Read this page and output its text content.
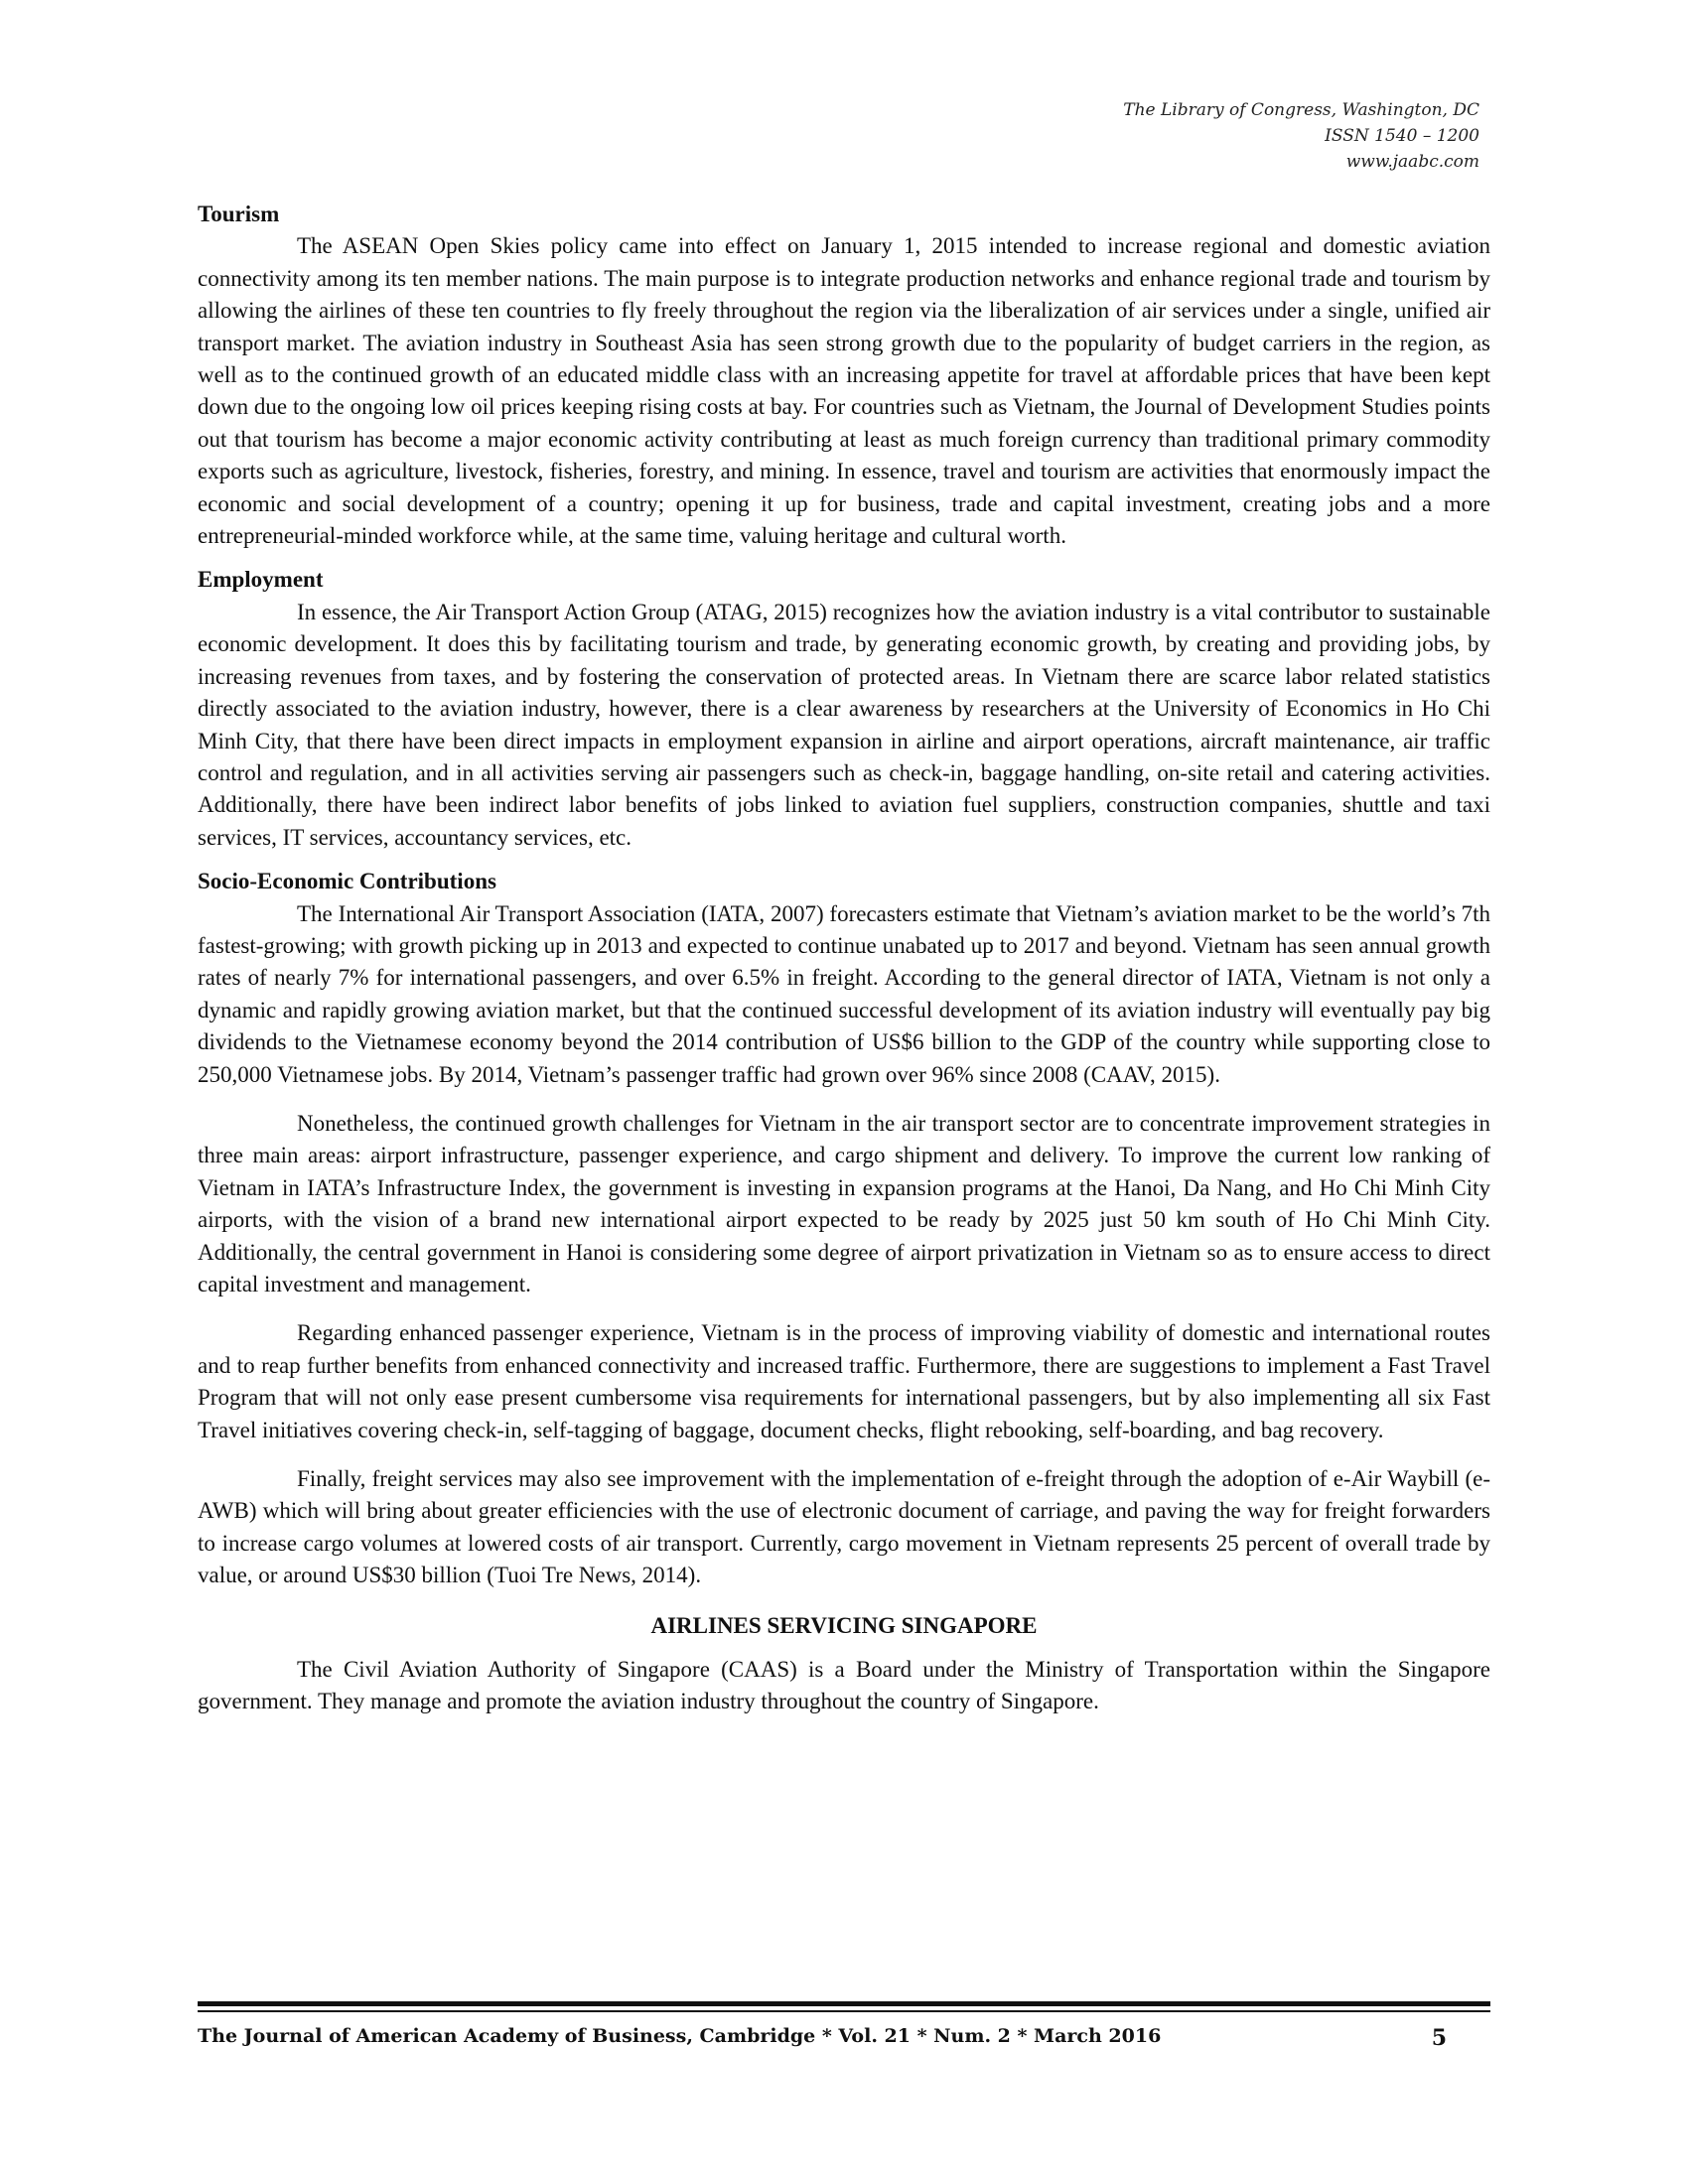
The Library of Congress, Washington, DC
ISSN 1540 – 1200
www.jaabc.com
Tourism

The ASEAN Open Skies policy came into effect on January 1, 2015 intended to increase regional and domestic aviation connectivity among its ten member nations. The main purpose is to integrate production networks and enhance regional trade and tourism by allowing the airlines of these ten countries to fly freely throughout the region via the liberalization of air services under a single, unified air transport market. The aviation industry in Southeast Asia has seen strong growth due to the popularity of budget carriers in the region, as well as to the continued growth of an educated middle class with an increasing appetite for travel at affordable prices that have been kept down due to the ongoing low oil prices keeping rising costs at bay. For countries such as Vietnam, the Journal of Development Studies points out that tourism has become a major economic activity contributing at least as much foreign currency than traditional primary commodity exports such as agriculture, livestock, fisheries, forestry, and mining. In essence, travel and tourism are activities that enormously impact the economic and social development of a country; opening it up for business, trade and capital investment, creating jobs and a more entrepreneurial-minded workforce while, at the same time, valuing heritage and cultural worth.

Employment

In essence, the Air Transport Action Group (ATAG, 2015) recognizes how the aviation industry is a vital contributor to sustainable economic development. It does this by facilitating tourism and trade, by generating economic growth, by creating and providing jobs, by increasing revenues from taxes, and by fostering the conservation of protected areas. In Vietnam there are scarce labor related statistics directly associated to the aviation industry, however, there is a clear awareness by researchers at the University of Economics in Ho Chi Minh City, that there have been direct impacts in employment expansion in airline and airport operations, aircraft maintenance, air traffic control and regulation, and in all activities serving air passengers such as check-in, baggage handling, on-site retail and catering activities. Additionally, there have been indirect labor benefits of jobs linked to aviation fuel suppliers, construction companies, shuttle and taxi services, IT services, accountancy services, etc.

Socio-Economic Contributions

The International Air Transport Association (IATA, 2007) forecasters estimate that Vietnam’s aviation market to be the world’s 7th fastest-growing; with growth picking up in 2013 and expected to continue unabated up to 2017 and beyond. Vietnam has seen annual growth rates of nearly 7% for international passengers, and over 6.5% in freight. According to the general director of IATA, Vietnam is not only a dynamic and rapidly growing aviation market, but that the continued successful development of its aviation industry will eventually pay big dividends to the Vietnamese economy beyond the 2014 contribution of US$6 billion to the GDP of the country while supporting close to 250,000 Vietnamese jobs. By 2014, Vietnam’s passenger traffic had grown over 96% since 2008 (CAAV, 2015).

Nonetheless, the continued growth challenges for Vietnam in the air transport sector are to concentrate improvement strategies in three main areas: airport infrastructure, passenger experience, and cargo shipment and delivery. To improve the current low ranking of Vietnam in IATA’s Infrastructure Index, the government is investing in expansion programs at the Hanoi, Da Nang, and Ho Chi Minh City airports, with the vision of a brand new international airport expected to be ready by 2025 just 50 km south of Ho Chi Minh City. Additionally, the central government in Hanoi is considering some degree of airport privatization in Vietnam so as to ensure access to direct capital investment and management.

Regarding enhanced passenger experience, Vietnam is in the process of improving viability of domestic and international routes and to reap further benefits from enhanced connectivity and increased traffic. Furthermore, there are suggestions to implement a Fast Travel Program that will not only ease present cumbersome visa requirements for international passengers, but by also implementing all six Fast Travel initiatives covering check-in, self-tagging of baggage, document checks, flight rebooking, self-boarding, and bag recovery.

Finally, freight services may also see improvement with the implementation of e-freight through the adoption of e-Air Waybill (e-AWB) which will bring about greater efficiencies with the use of electronic document of carriage, and paving the way for freight forwarders to increase cargo volumes at lowered costs of air transport. Currently, cargo movement in Vietnam represents 25 percent of overall trade by value, or around US$30 billion (Tuoi Tre News, 2014).

AIRLINES SERVICING SINGAPORE

The Civil Aviation Authority of Singapore (CAAS) is a Board under the Ministry of Transportation within the Singapore government. They manage and promote the aviation industry throughout the country of Singapore.

The Journal of American Academy of Business, Cambridge * Vol. 21 * Num. 2 * March 2016	5
